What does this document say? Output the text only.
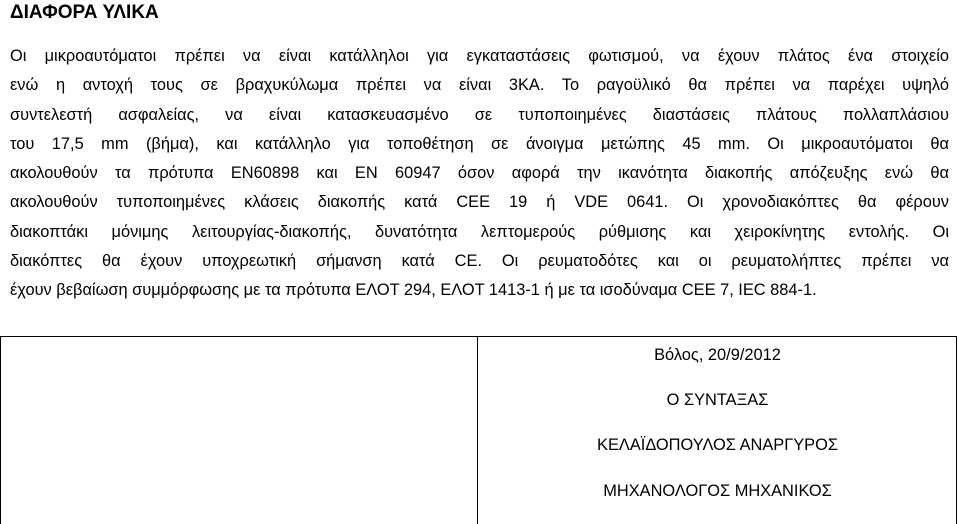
ΔΙΑΦΟΡΑ ΥΛΙΚΑ
Οι μικροαυτόματοι πρέπει να είναι κατάλληλοι για εγκαταστάσεις φωτισμού, να έχουν πλάτος ένα στοιχείο
ενώ η αντοχή τους σε βραχυκύλωμα πρέπει να είναι 3ΚΑ. Το ραγοϋλικό θα πρέπει να παρέχει υψηλό
συντελεστή ασφαλείας, να είναι κατασκευασμένο σε τυποποιημένες διαστάσεις πλάτους πολλαπλάσιου
του 17,5 mm (βήμα), και κατάλληλο για τοποθέτηση σε άνοιγμα μετώπης 45 mm. Οι μικροαυτόματοι θα
ακολουθούν τα πρότυπα EN60898 και ΕΝ 60947 όσον αφορά την ικανότητα διακοπής απόζευξης ενώ θα
ακολουθούν τυποποιημένες κλάσεις διακοπής κατά CEE 19 ή VDE 0641. Οι χρονοδιακόπτες θα φέρουν
διακοπτάκι μόνιμης λειτουργίας-διακοπής, δυνατότητα λεπτομερούς ρύθμισης και χειροκίνητης εντολής. Οι
διακόπτες θα έχουν υποχρεωτική σήμανση κατά CE. Οι ρευματοδότες και οι ρευματολήπτες πρέπει να
έχουν βεβαίωση συμμόρφωσης με τα πρότυπα ΕΛΟΤ 294, ΕΛΟΤ 1413-1 ή με τα ισοδύναμα CEE 7, IEC 884-1.
Βόλος, 20/9/2012
Ο ΣΥΝΤΑΞΑΣ
ΚΕΛΑΪΔΟΠΟΥΛΟΣ ΑΝΑΡΓΥΡΟΣ
ΜΗΧΑΝΟΛΟΓΟΣ ΜΗΧΑΝΙΚΟΣ
